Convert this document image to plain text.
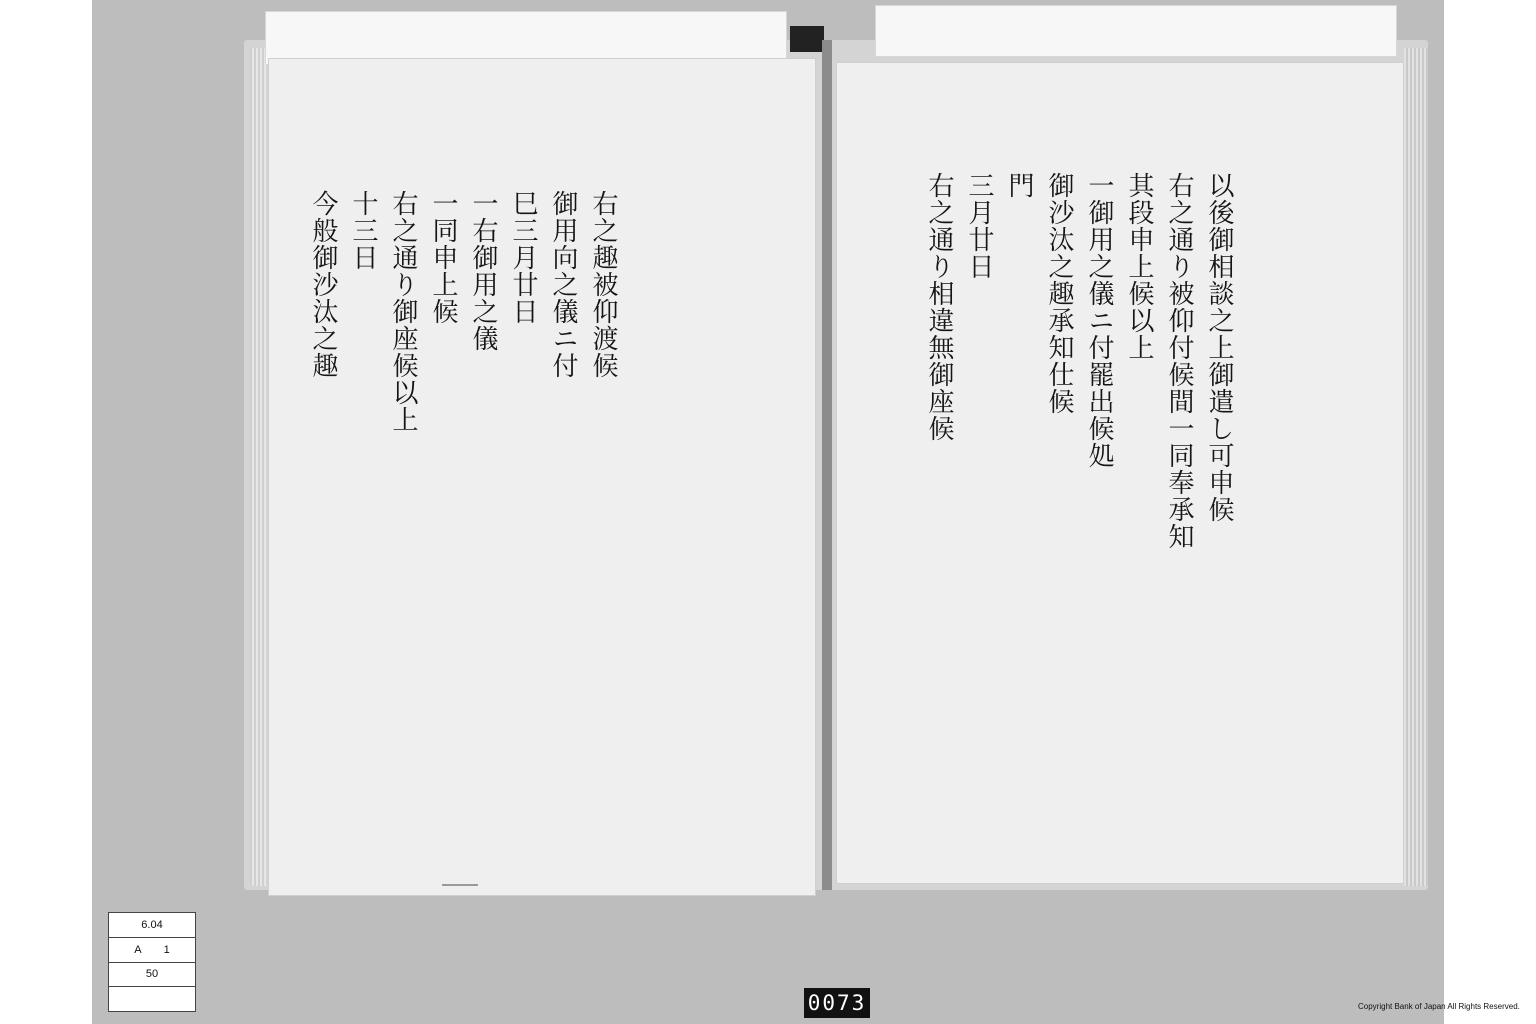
以後御相談之上御遣し可申候
右之通り被仰付候間一同奉承知
其段申上候以上
一御用之儀ニ付罷出候処
御沙汰之趣承知仕候
門
三月廿日
右之通り相違無御座候
右之趣被仰渡候
御用向之儀ニ付
巳三月廿日
一右御用之儀
一同申上候
右之通り御座候以上
十三日
今般御沙汰之趣
6.04
A 1
50
0073	Copyright Bank of Japan All Rights Reserved.
